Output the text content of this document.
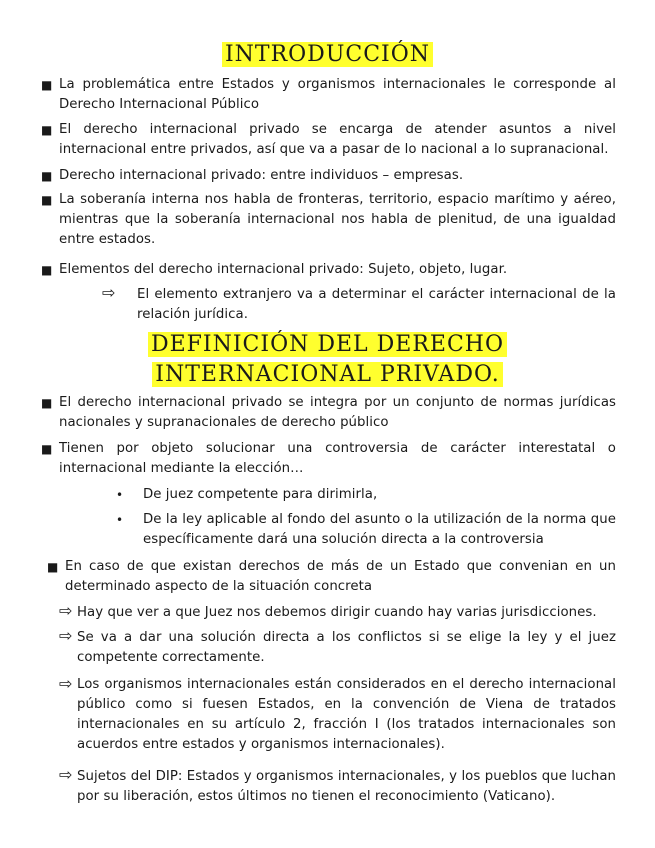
INTRODUCCIÓN
■ La problemática entre Estados y organismos internacionales le corresponde al Derecho Internacional Público

■ El derecho internacional privado se encarga de atender asuntos a nivel internacional entre privados, así que va a pasar de lo nacional a lo supranacional.

■ Derecho internacional privado: entre individuos – empresas.

■ La soberanía interna nos habla de fronteras, territorio, espacio marítimo y aéreo, mientras que la soberanía internacional nos habla de plenitud, de una igualdad entre estados.

■ Elementos del derecho internacional privado: Sujeto, objeto, lugar.

⇨ El elemento extranjero va a determinar el carácter internacional de la relación jurídica.

DEFINICIÓN DEL DERECHO
INTERNACIONAL PRIVADO.
■ El derecho internacional privado se integra por un conjunto de normas jurídicas nacionales y supranacionales de derecho público

■ Tienen por objeto solucionar una controversia de carácter interestatal o internacional mediante la elección…

• De juez competente para dirimirla,

• De la ley aplicable al fondo del asunto o la utilización de la norma que específicamente dará una solución directa a la controversia

■ En caso de que existan derechos de más de un Estado que convenian en un determinado aspecto de la situación concreta

⇨ Hay que ver a que Juez nos debemos dirigir cuando hay varias jurisdicciones.

⇨ Se va a dar una solución directa a los conflictos si se elige la ley y el juez competente correctamente.

⇨ Los organismos internacionales están considerados en el derecho internacional público como si fuesen Estados, en la convención de Viena de tratados internacionales en su artículo 2, fracción I (los tratados internacionales son acuerdos entre estados y organismos internacionales).

⇨ Sujetos del DIP: Estados y organismos internacionales, y los pueblos que luchan por su liberación, estos últimos no tienen el reconocimiento (Vaticano).
